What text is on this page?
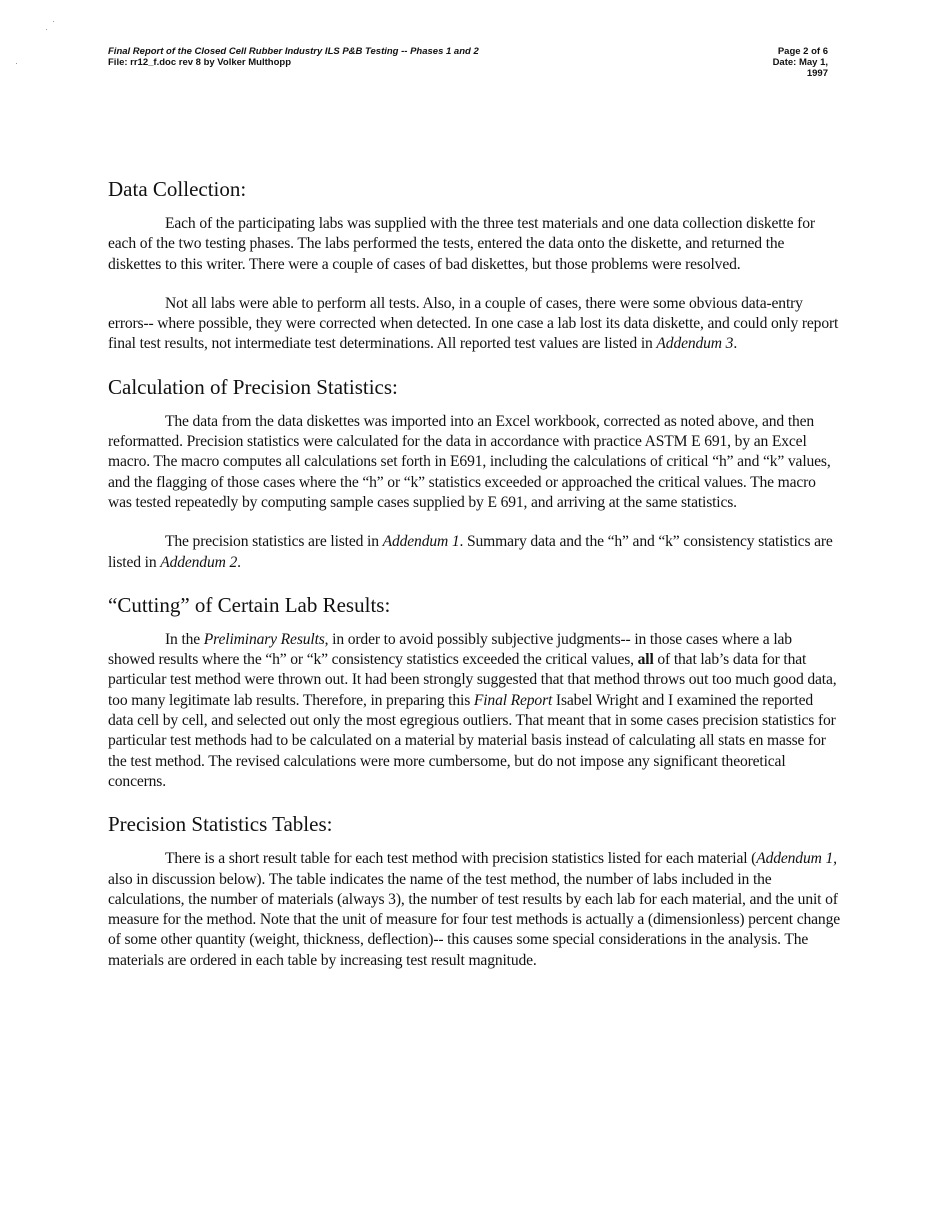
Final Report of the Closed Cell Rubber Industry ILS P&B Testing -- Phases 1 and 2
File: rr12_f.doc rev 8 by Volker Multhopp
Page 2 of 6
Date: May 1, 1997
Data Collection:

Each of the participating labs was supplied with the three test materials and one data collection diskette for each of the two testing phases. The labs performed the tests, entered the data onto the diskette, and returned the diskettes to this writer. There were a couple of cases of bad diskettes, but those problems were resolved.

Not all labs were able to perform all tests. Also, in a couple of cases, there were some obvious data-entry errors-- where possible, they were corrected when detected. In one case a lab lost its data diskette, and could only report final test results, not intermediate test determinations. All reported test values are listed in Addendum 3.

Calculation of Precision Statistics:

The data from the data diskettes was imported into an Excel workbook, corrected as noted above, and then reformatted. Precision statistics were calculated for the data in accordance with practice ASTM E 691, by an Excel macro. The macro computes all calculations set forth in E691, including the calculations of critical “h” and “k” values, and the flagging of those cases where the “h” or “k” statistics exceeded or approached the critical values. The macro was tested repeatedly by computing sample cases supplied by E 691, and arriving at the same statistics.

The precision statistics are listed in Addendum 1. Summary data and the “h” and “k” consistency statistics are listed in Addendum 2.

“Cutting” of Certain Lab Results:

In the Preliminary Results, in order to avoid possibly subjective judgments-- in those cases where a lab showed results where the “h” or “k” consistency statistics exceeded the critical values, all of that lab’s data for that particular test method were thrown out. It had been strongly suggested that that method throws out too much good data, too many legitimate lab results. Therefore, in preparing this Final Report Isabel Wright and I examined the reported data cell by cell, and selected out only the most egregious outliers. That meant that in some cases precision statistics for particular test methods had to be calculated on a material by material basis instead of calculating all stats en masse for the test method. The revised calculations were more cumbersome, but do not impose any significant theoretical concerns.

Precision Statistics Tables:

There is a short result table for each test method with precision statistics listed for each material (Addendum 1, also in discussion below). The table indicates the name of the test method, the number of labs included in the calculations, the number of materials (always 3), the number of test results by each lab for each material, and the unit of measure for the method. Note that the unit of measure for four test methods is actually a (dimensionless) percent change of some other quantity (weight, thickness, deflection)-- this causes some special considerations in the analysis. The materials are ordered in each table by increasing test result magnitude.
